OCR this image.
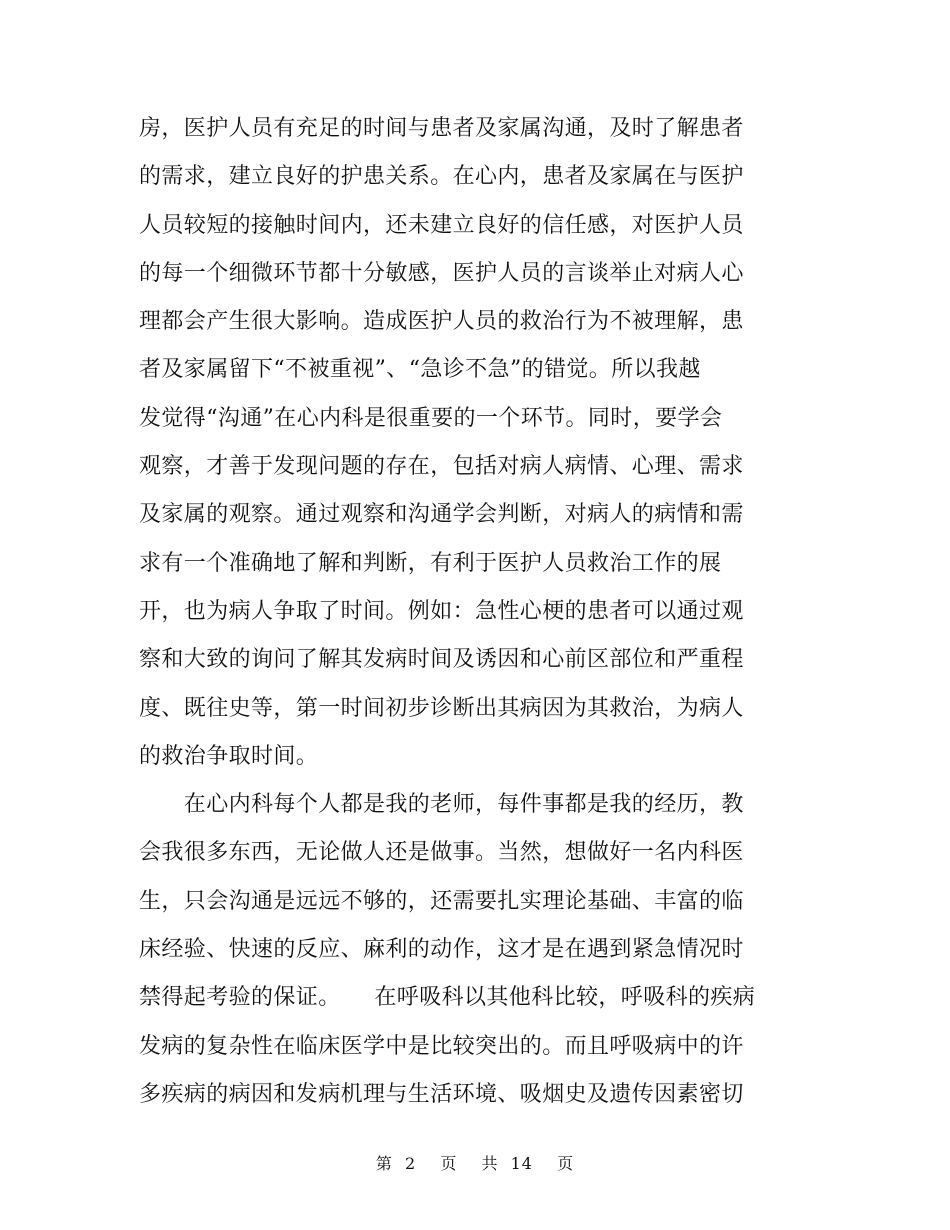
房，医护人员有充足的时间与患者及家属沟通，及时了解患者
的需求，建立良好的护患关系。在心内，患者及家属在与医护
人员较短的接触时间内，还未建立良好的信任感，对医护人员
的每一个细微环节都十分敏感，医护人员的言谈举止对病人心
理都会产生很大影响。造成医护人员的救治行为不被理解，患
者及家属留下“不被重视”、“急诊不急”的错觉。所以我越
发觉得“沟通”在心内科是很重要的一个环节。同时，要学会
观察，才善于发现问题的存在，包括对病人病情、心理、需求
及家属的观察。通过观察和沟通学会判断，对病人的病情和需
求有一个准确地了解和判断，有利于医护人员救治工作的展
开，也为病人争取了时间。例如：急性心梗的患者可以通过观
察和大致的询问了解其发病时间及诱因和心前区部位和严重程
度、既往史等，第一时间初步诊断出其病因为其救治，为病人
的救治争取时间。
　　在心内科每个人都是我的老师，每件事都是我的经历，教
会我很多东西，无论做人还是做事。当然，想做好一名内科医
生，只会沟通是远远不够的，还需要扎实理论基础、丰富的临
床经验、快速的反应、麻利的动作，这才是在遇到紧急情况时
禁得起考验的保证。　　在呼吸科以其他科比较，呼吸科的疾病
发病的复杂性在临床医学中是比较突出的。而且呼吸病中的许
多疾病的病因和发病机理与生活环境、吸烟史及遗传因素密切
第 2  页  共 14  页
